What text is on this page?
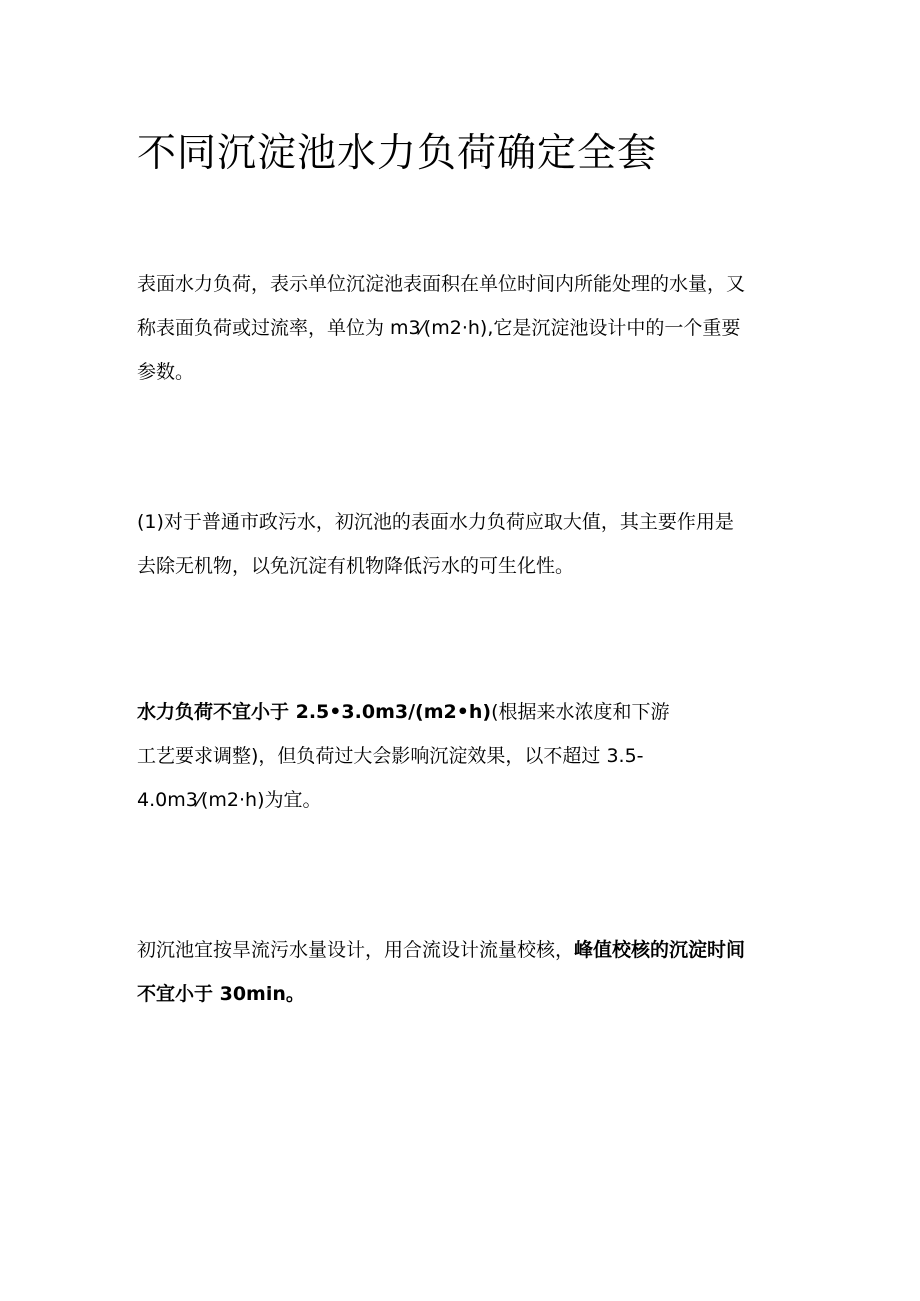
不同沉淀池水力负荷确定全套
表面水力负荷，表示单位沉淀池表面积在单位时间内所能处理的水量，又
称表面负荷或过流率，单位为 m3⁄(m2·h),它是沉淀池设计中的一个重要
参数。
(1)对于普通市政污水，初沉池的表面水力负荷应取大值，其主要作用是
去除无机物，以免沉淀有机物降低污水的可生化性。
水力负荷不宜小于 2.5•3.0m3∕(m2•h)(根据来水浓度和下游
工艺要求调整)，但负荷过大会影响沉淀效果，以不超过 3.5-
4.0m3⁄(m2·h)为宜。
初沉池宜按旱流污水量设计，用合流设计流量校核，峰值校核的沉淀时间
不宜小于 30min。
